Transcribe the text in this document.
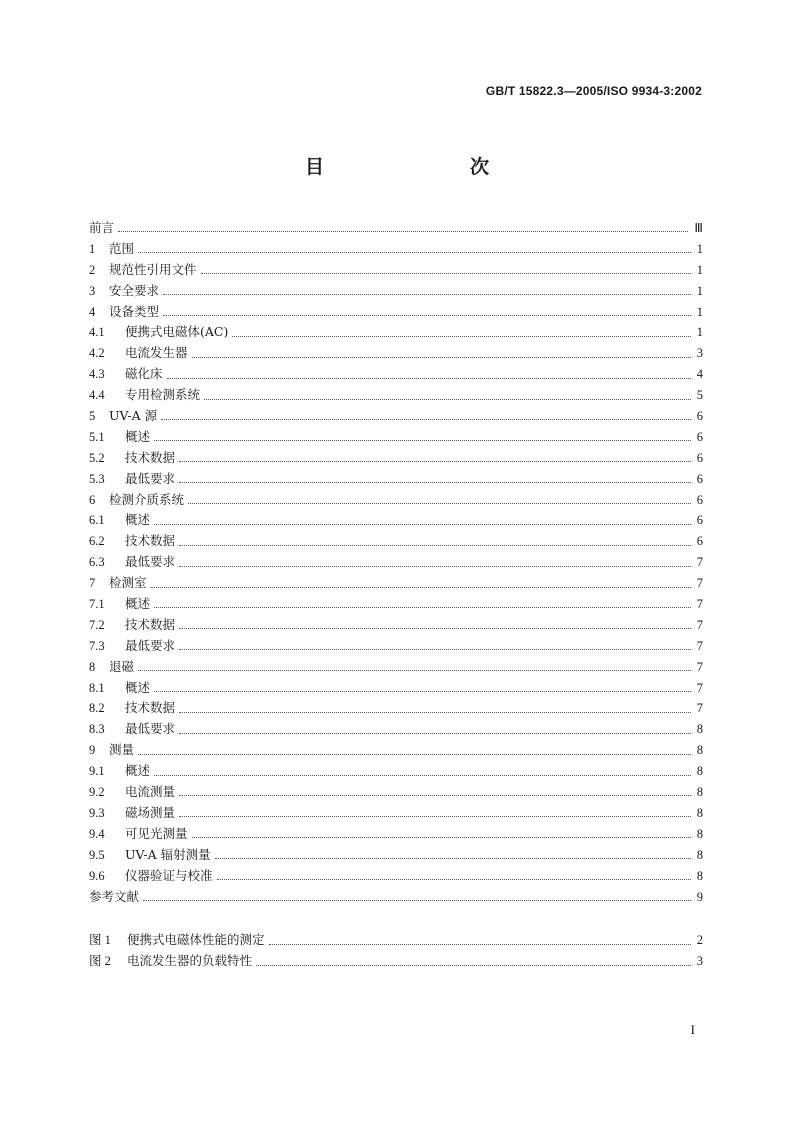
GB/T 15822.3—2005/ISO 9934-3:2002
目　　次
前言	Ⅲ
1	范围	1
2	规范性引用文件	1
3	安全要求	1
4	设备类型	1
4.1	便携式电磁体(AC)	1
4.2	电流发生器	3
4.3	磁化床	4
4.4	专用检测系统	5
5	UV-A 源	6
5.1	概述	6
5.2	技术数据	6
5.3	最低要求	6
6	检测介质系统	6
6.1	概述	6
6.2	技术数据	6
6.3	最低要求	7
7	检测室	7
7.1	概述	7
7.2	技术数据	7
7.3	最低要求	7
8	退磁	7
8.1	概述	7
8.2	技术数据	7
8.3	最低要求	8
9	测量	8
9.1	概述	8
9.2	电流测量	8
9.3	磁场测量	8
9.4	可见光测量	8
9.5	UV-A 辐射测量	8
9.6	仪器验证与校准	8
参考文献	9
图 1	便携式电磁体性能的测定	2
图 2	电流发生器的负载特性	3
I
